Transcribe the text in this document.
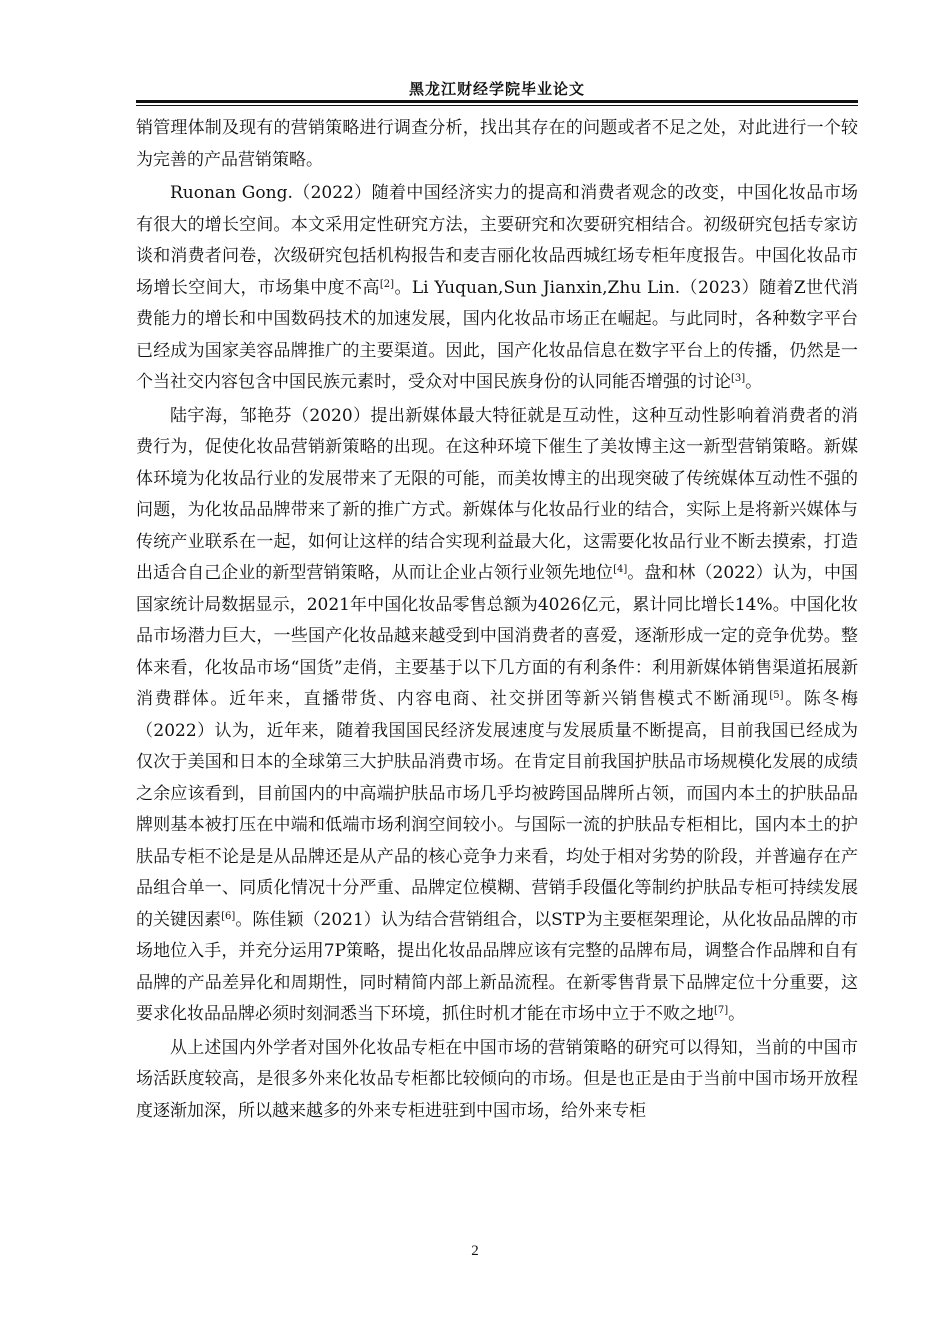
黑龙江财经学院毕业论文

销管理体制及现有的营销策略进行调查分析，找出其存在的问题或者不足之处，对此进行一个较为完善的产品营销策略。

Ruonan Gong.（2022）随着中国经济实力的提高和消费者观念的改变，中国化妆品市场有很大的增长空间。本文采用定性研究方法，主要研究和次要研究相结合。初级研究包括专家访谈和消费者问卷，次级研究包括机构报告和麦吉丽化妆品西城红场专柜年度报告。中国化妆品市场增长空间大，市场集中度不高[2]。Li Yuquan,Sun Jianxin,Zhu Lin.（2023）随着Z世代消费能力的增长和中国数码技术的加速发展，国内化妆品市场正在崛起。与此同时，各种数字平台已经成为国家美容品牌推广的主要渠道。因此，国产化妆品信息在数字平台上的传播，仍然是一个当社交内容包含中国民族元素时，受众对中国民族身份的认同能否增强的讨论[3]。

陆宇海，邹艳芬（2020）提出新媒体最大特征就是互动性，这种互动性影响着消费者的消费行为，促使化妆品营销新策略的出现。在这种环境下催生了美妆博主这一新型营销策略。新媒体环境为化妆品行业的发展带来了无限的可能，而美妆博主的出现突破了传统媒体互动性不强的问题，为化妆品品牌带来了新的推广方式。新媒体与化妆品行业的结合，实际上是将新兴媒体与传统产业联系在一起，如何让这样的结合实现利益最大化，这需要化妆品行业不断去摸索，打造出适合自己企业的新型营销策略，从而让企业占领行业领先地位[4]。盘和林（2022）认为，中国国家统计局数据显示，2021年中国化妆品零售总额为4026亿元，累计同比增长14%。中国化妆品市场潜力巨大，一些国产化妆品越来越受到中国消费者的喜爱，逐渐形成一定的竞争优势。整体来看，化妆品市场“国货”走俏，主要基于以下几方面的有利条件：利用新媒体销售渠道拓展新消费群体。近年来，直播带货、内容电商、社交拼团等新兴销售模式不断涌现[5]。陈冬梅（2022）认为，近年来，随着我国国民经济发展速度与发展质量不断提高，目前我国已经成为仅次于美国和日本的全球第三大护肤品消费市场。在肯定目前我国护肤品市场规模化发展的成绩之余应该看到，目前国内的中高端护肤品市场几乎均被跨国品牌所占领，而国内本土的护肤品品牌则基本被打压在中端和低端市场利润空间较小。与国际一流的护肤品专柜相比，国内本土的护肤品专柜不论是是从品牌还是从产品的核心竞争力来看，均处于相对劣势的阶段，并普遍存在产品组合单一、同质化情况十分严重、品牌定位模糊、营销手段僵化等制约护肤品专柜可持续发展的关键因素[6]。陈佳颖（2021）认为结合营销组合，以STP为主要框架理论，从化妆品品牌的市场地位入手，并充分运用7P策略，提出化妆品品牌应该有完整的品牌布局，调整合作品牌和自有品牌的产品差异化和周期性，同时精简内部上新品流程。在新零售背景下品牌定位十分重要，这要求化妆品品牌必须时刻洞悉当下环境，抓住时机才能在市场中立于不败之地[7]。

从上述国内外学者对国外化妆品专柜在中国市场的营销策略的研究可以得知，当前的中国市场活跃度较高，是很多外来化妆品专柜都比较倾向的市场。但是也正是由于当前中国市场开放程度逐渐加深，所以越来越多的外来专柜进驻到中国市场，给外来专柜

2
